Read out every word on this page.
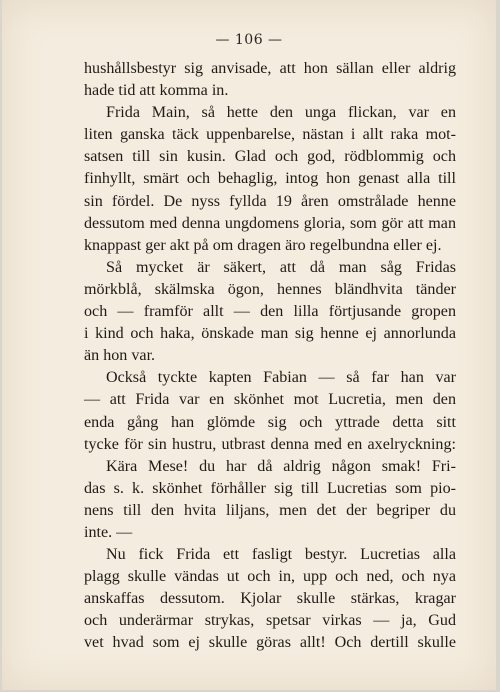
— 106 —
hushållsbestyr sig anvisade, att hon sällan eller aldrig
hade tid att komma in.
Frida Main, så hette den unga flickan, var en
liten ganska täck uppenbarelse, nästan i allt raka mot-
satsen till sin kusin. Glad och god, rödblommig och
finhyllt, smärt och behaglig, intog hon genast alla till
sin fördel. De nyss fyllda 19 åren omstrålade henne
dessutom med denna ungdomens gloria, som gör att man
knappast ger akt på om dragen äro regelbundna eller ej.
Så mycket är säkert, att då man såg Fridas
mörkblå, skälmska ögon, hennes bländhvita tänder
och — framför allt — den lilla förtjusande gropen
i kind och haka, önskade man sig henne ej annorlunda
än hon var.
Också tyckte kapten Fabian — så far han var
— att Frida var en skönhet mot Lucretia, men den
enda gång han glömde sig och yttrade detta sitt
tycke för sin hustru, utbrast denna med en axelryckning:
Kära Mese! du har då aldrig någon smak! Fri-
das s. k. skönhet förhåller sig till Lucretias som pio-
nens till den hvita liljans, men det der begriper du
inte. —
Nu fick Frida ett fasligt bestyr. Lucretias alla
plagg skulle vändas ut och in, upp och ned, och nya
anskaffas dessutom. Kjolar skulle stärkas, kragar
och underärmar strykas, spetsar virkas — ja, Gud
vet hvad som ej skulle göras allt! Och dertill skulle
